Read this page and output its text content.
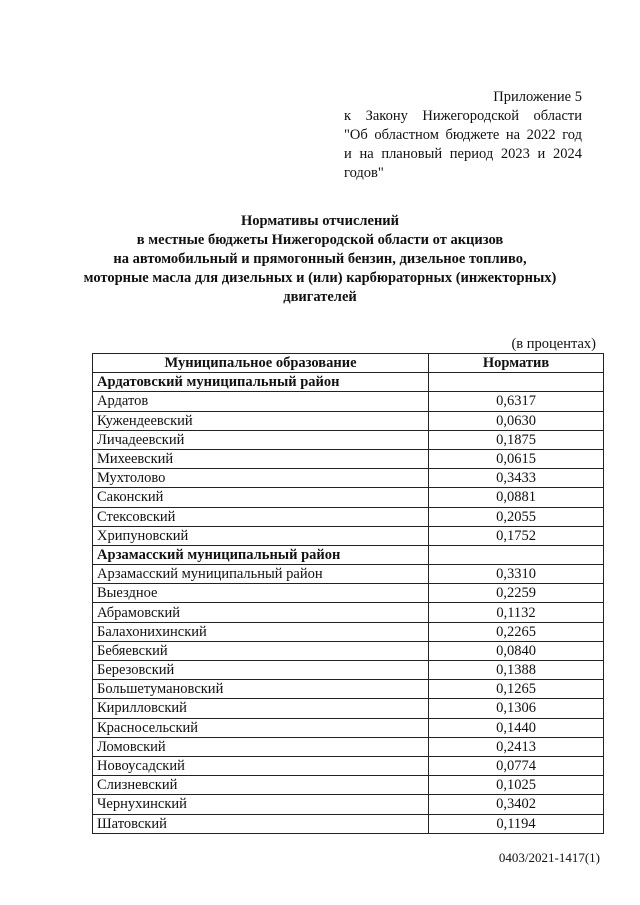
Приложение 5
к Закону Нижегородской области
"Об областном бюджете на 2022 год
и на плановый период 2023 и 2024
годов"
Нормативы отчислений
в местные бюджеты Нижегородской области от акцизов
на автомобильный и прямогонный бензин, дизельное топливо,
моторные масла для дизельных и (или) карбюраторных (инжекторных)
двигателей
(в процентах)
Муниципальное образование	Норматив
Ардатовский муниципальный район	
Ардатов	0,6317
Кужендеевский	0,0630
Личадеевский	0,1875
Михеевский	0,0615
Мухтолово	0,3433
Саконский	0,0881
Стексовский	0,2055
Хрипуновский	0,1752
Арзамасский муниципальный район	
Арзамасский муниципальный район	0,3310
Выездное	0,2259
Абрамовский	0,1132
Балахонихинский	0,2265
Бебяевский	0,0840
Березовский	0,1388
Большетумановский	0,1265
Кирилловский	0,1306
Красносельский	0,1440
Ломовский	0,2413
Новоусадский	0,0774
Слизневский	0,1025
Чернухинский	0,3402
Шатовский	0,1194
0403/2021-1417(1)
